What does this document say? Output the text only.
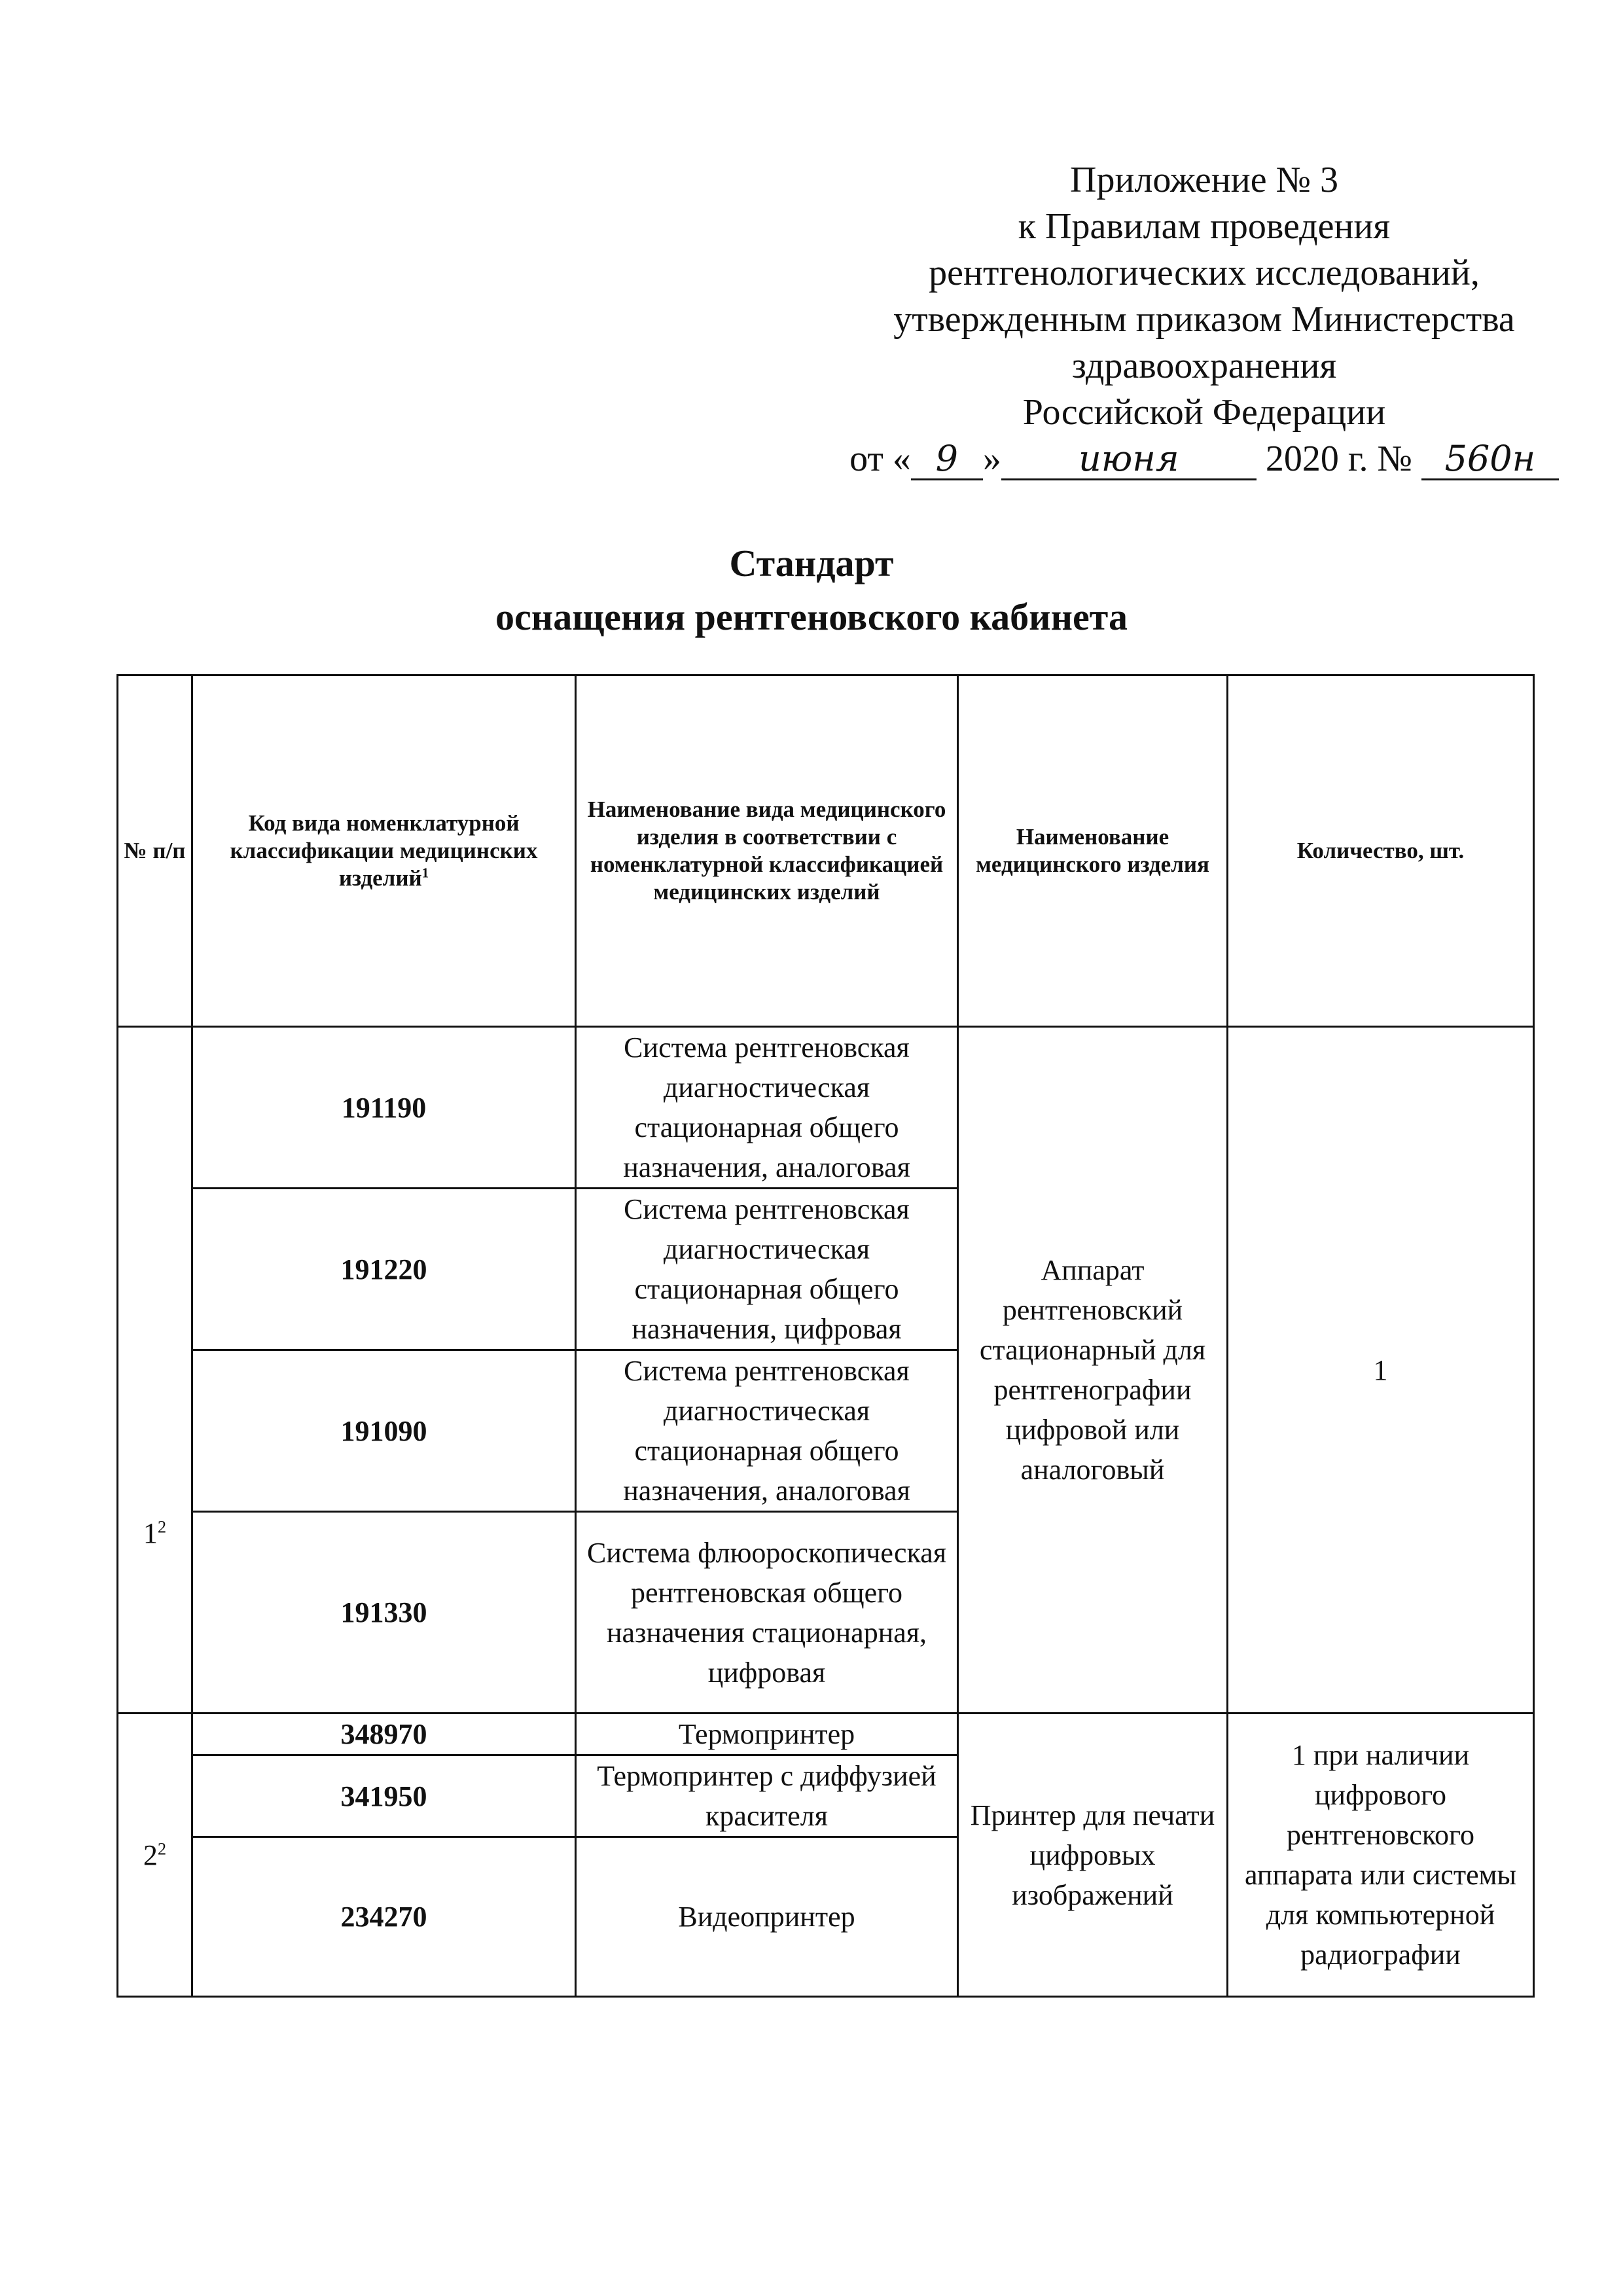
Приложение № 3
к Правилам проведения
рентгенологических исследований,
утвержденным приказом Министерства
здравоохранения
Российской Федерации
от « 9 » июня 2020 г. № 560н
Стандарт
оснащения рентгеновского кабинета
№ п/п	Код вида номенклатурной классификации медицинских изделий$^1$	Наименование вида медицинского изделия в соответствии с номенклатурной классификацией медицинских изделий	Наименование медицинского изделия	Количество, шт.
$1^2$	191190	Система рентгеновская диагностическая стационарная общего назначения, аналоговая	Аппарат рентгеновский стационарный для рентгенографии цифровой или аналоговый	1
	191220	Система рентгеновская диагностическая стационарная общего назначения, цифровая		
	191090	Система рентгеновская диагностическая стационарная общего назначения, аналоговая		
	191330	Система флюороскопическая рентгеновская общего назначения стационарная, цифровая		
$2^2$	348970	Термопринтер	Принтер для печати цифровых изображений	1 при наличии цифрового рентгеновского аппарата или системы для компьютерной радиографии
	341950	Термопринтер с диффузией красителя		
	234270	Видеопринтер		
